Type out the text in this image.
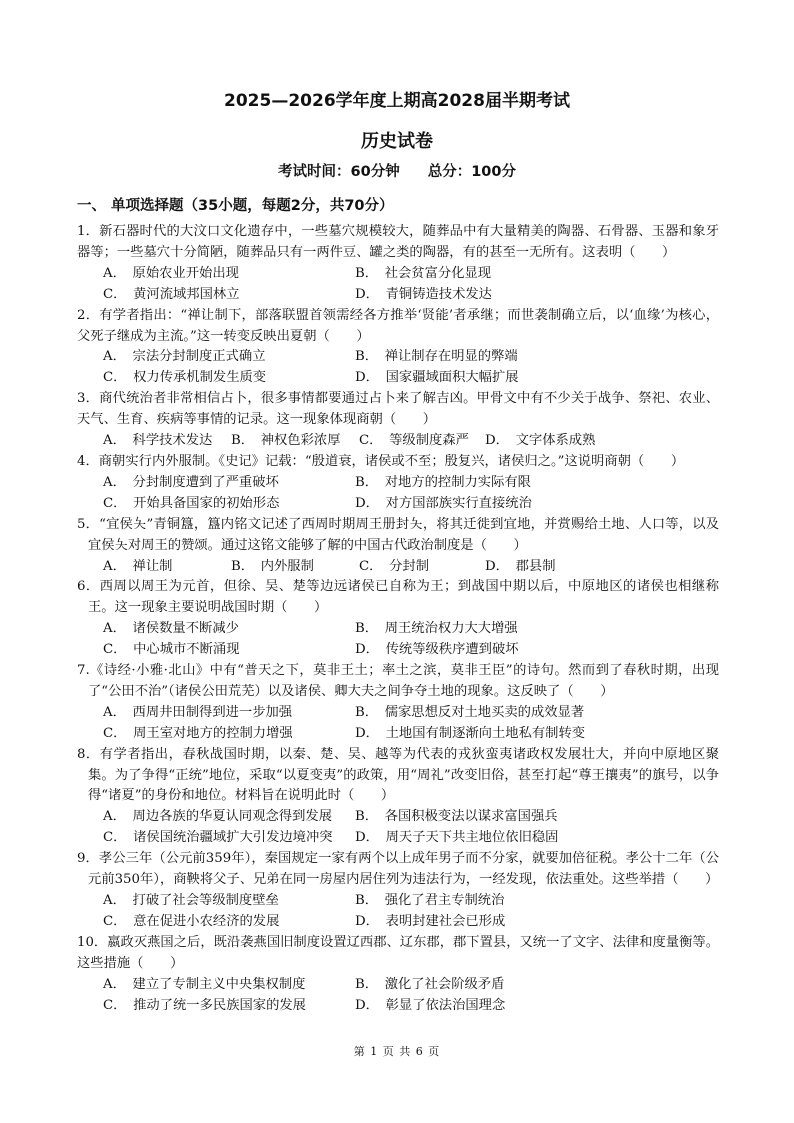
2025—2026学年度上期高2028届半期考试
历史试卷
考试时间：60分钟 总分：100分
一、 单项选择题（35小题，每题2分，共70分）

1．新石器时代的大汶口文化遗存中，一些墓穴规模较大，随葬品中有大量精美的陶器、石骨器、玉器和象牙器等；一些墓穴十分简陋，随葬品只有一两件豆、罐之类的陶器，有的甚至一无所有。这表明（　　）

A．　原始农业开始出现	B．　社会贫富分化显现
C．　黄河流域邦国林立	D．　青铜铸造技术发达

2．有学者指出：“禅让制下，部落联盟首领需经各方推举‘贤能’者承继；而世袭制确立后，以‘血缘’为核心，父死子继成为主流。”这一转变反映出夏朝（　　）

A．　宗法分封制度正式确立	B．　禅让制存在明显的弊端
C．　权力传承机制发生质变	D．　国家疆域面积大幅扩展

3．商代统治者非常相信占卜，很多事情都要通过占卜来了解吉凶。甲骨文中有不少关于战争、祭祀、农业、天气、生育、疾病等事情的记录。这一现象体现商朝（　　）

A．　科学技术发达	B．　神权色彩浓厚	C．　等级制度森严	D．　文字体系成熟

4．商朝实行内外服制。《史记》记载：“殷道衰，诸侯或不至；殷复兴，诸侯归之。”这说明商朝（　　）

A．　分封制度遭到了严重破坏	B．　对地方的控制力实际有限
C．　开始具备国家的初始形态	D．　对方国部族实行直接统治

5．“宜侯夨”青铜簋，簋内铭文记述了西周时期周王册封夨，将其迁徙到宜地，并赏赐给土地、人口等，以及宜侯夨对周王的赞颂。通过这铭文能够了解的中国古代政治制度是（　　）

A．　禅让制	B．　内外服制	C．　分封制	D．　郡县制

6．西周以周王为元首，但徐、吴、楚等边远诸侯已自称为王；到战国中期以后，中原地区的诸侯也相继称王。这一现象主要说明战国时期（　　）

A．　诸侯数量不断减少	B．　周王统治权力大大增强
C．　中心城市不断涌现	D．　传统等级秩序遭到破坏

7.《诗经·小雅·北山》中有“普天之下，莫非王土；率土之滨，莫非王臣”的诗句。然而到了春秋时期，出现了“公田不治”（诸侯公田荒芜）以及诸侯、卿大夫之间争夺土地的现象。这反映了（　　）

A．　西周井田制得到进一步加强	B．　儒家思想反对土地买卖的成效显著
C．　周王室对地方的控制力增强	D．　土地国有制逐渐向土地私有制转变

8．有学者指出，春秋战国时期，以秦、楚、吴、越等为代表的戎狄蛮夷诸政权发展壮大，并向中原地区聚集。为了争得“正统”地位，采取“以夏变夷”的政策，用“周礼”改变旧俗，甚至打起“尊王攘夷”的旗号，以争得“诸夏”的身份和地位。材料旨在说明此时（　　）

A．　周边各族的华夏认同观念得到发展	B．　各国积极变法以谋求富国强兵
C．　诸侯国统治疆域扩大引发边境冲突	D．　周天子天下共主地位依旧稳固

9．孝公三年（公元前359年），秦国规定一家有两个以上成年男子而不分家，就要加倍征税。孝公十二年（公元前350年），商鞅将父子、兄弟在同一房屋内居住列为违法行为，一经发现，依法重处。这些举措（　　）

A．　打破了社会等级制度壁垒	B．　强化了君主专制统治
C．　意在促进小农经济的发展	D．　表明封建社会已形成

10．嬴政灭燕国之后，既沿袭燕国旧制度设置辽西郡、辽东郡，郡下置县，又统一了文字、法律和度量衡等。这些措施（　　）

A．　建立了专制主义中央集权制度	B．　激化了社会阶级矛盾
C．　推动了统一多民族国家的发展	D．　彰显了依法治国理念
第 1 页 共 6 页
